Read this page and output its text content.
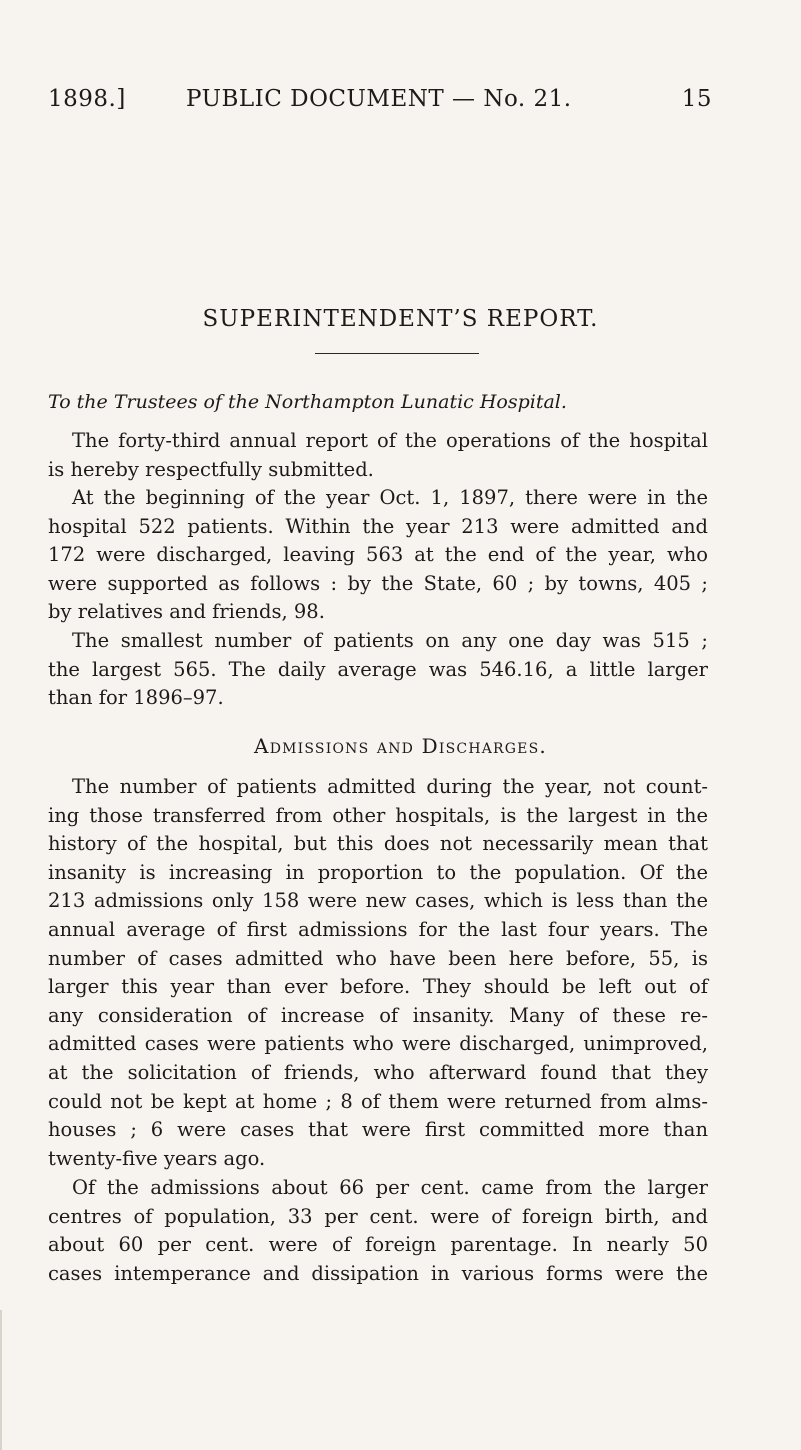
1898.]	PUBLIC DOCUMENT — No. 21.	15
SUPERINTENDENT’S REPORT.
To the Trustees of the Northampton Lunatic Hospital.

The forty-third annual report of the operations of the hospital
is hereby respectfully submitted.

At the beginning of the year Oct. 1, 1897, there were in the
hospital 522 patients. Within the year 213 were admitted and
172 were discharged, leaving 563 at the end of the year, who
were supported as follows : by the State, 60 ; by towns, 405 ;
by relatives and friends, 98.

The smallest number of patients on any one day was 515 ;
the largest 565. The daily average was 546.16, a little larger
than for 1896–97.

Admissions and Discharges.

The number of patients admitted during the year, not count-
ing those transferred from other hospitals, is the largest in the
history of the hospital, but this does not necessarily mean that
insanity is increasing in proportion to the population. Of the
213 admissions only 158 were new cases, which is less than the
annual average of first admissions for the last four years. The
number of cases admitted who have been here before, 55, is
larger this year than ever before. They should be left out of
any consideration of increase of insanity. Many of these re-
admitted cases were patients who were discharged, unimproved,
at the solicitation of friends, who afterward found that they
could not be kept at home ; 8 of them were returned from alms-
houses ; 6 were cases that were first committed more than
twenty-five years ago.

Of the admissions about 66 per cent. came from the larger
centres of population, 33 per cent. were of foreign birth, and
about 60 per cent. were of foreign parentage. In nearly 50
cases intemperance and dissipation in various forms were the
